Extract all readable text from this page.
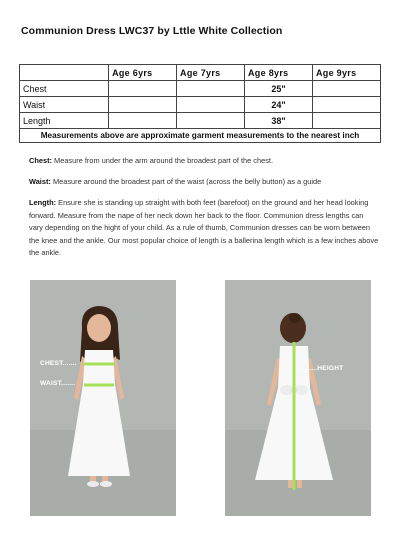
Communion Dress LWC37 by Lttle White Collection
	Age 6yrs	Age 7yrs	Age 8yrs	Age 9yrs
Chest			25"	
Waist			24"	
Length			38"	
Measurements above are approximate garment measurements to the nearest inch				

Chest: Measure from under the arm around the broadest part of the chest.

Waist: Measure around the broadest part of the waist (across the belly button) as a guide

Length: Ensure she is standing up straight with both feet (barefoot) on the ground and her head looking forward. Measure from the nape of her neck down her back to the floor. Communion dress lengths can vary depending on the hight of your child. As a rule of thumb, Communion dresses can be worn between the knee and the ankle. Our most popular choice of length is a ballerina length which is a few inches above the ankle.

CHEST.......
WAIST.......
.........HEIGHT
